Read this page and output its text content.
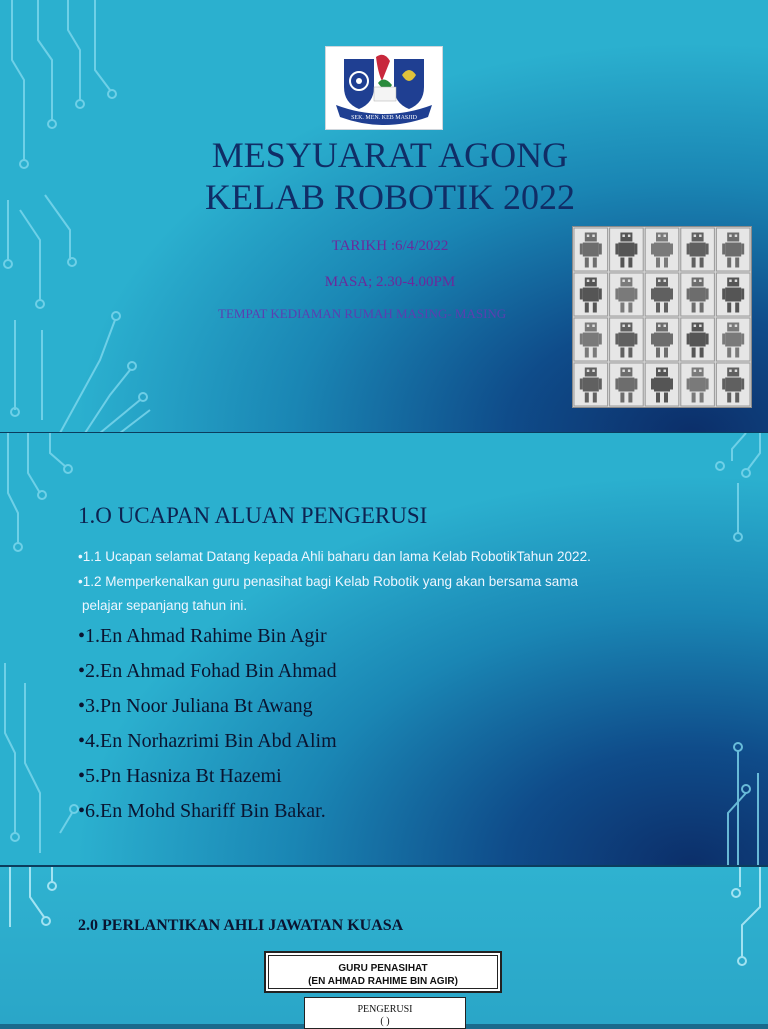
SEK. MEN. KEB MASJID
MESYUARAT AGONG
KELAB ROBOTIK 2022
TARIKH :6/4/2022
MASA; 2.30-4.00PM
TEMPAT KEDIAMAN RUMAH MASING- MASING
1.O UCAPAN ALUAN PENGERUSI
•1.1 Ucapan selamat Datang kepada Ahli baharu dan lama Kelab RobotikTahun 2022.
•1.2 Memperkenalkan guru penasihat bagi Kelab Robotik yang akan bersama sama
pelajar sepanjang tahun ini.
•1.En Ahmad Rahime Bin Agir
•2.En Ahmad Fohad Bin Ahmad
•3.Pn Noor Juliana Bt Awang
•4.En Norhazrimi Bin Abd Alim
•5.Pn Hasniza Bt Hazemi
•6.En Mohd Shariff Bin Bakar.
2.0 PERLANTIKAN AHLI JAWATAN KUASA
GURU PENASIHAT
(EN AHMAD RAHIME BIN AGIR)
PENGERUSI
( )
